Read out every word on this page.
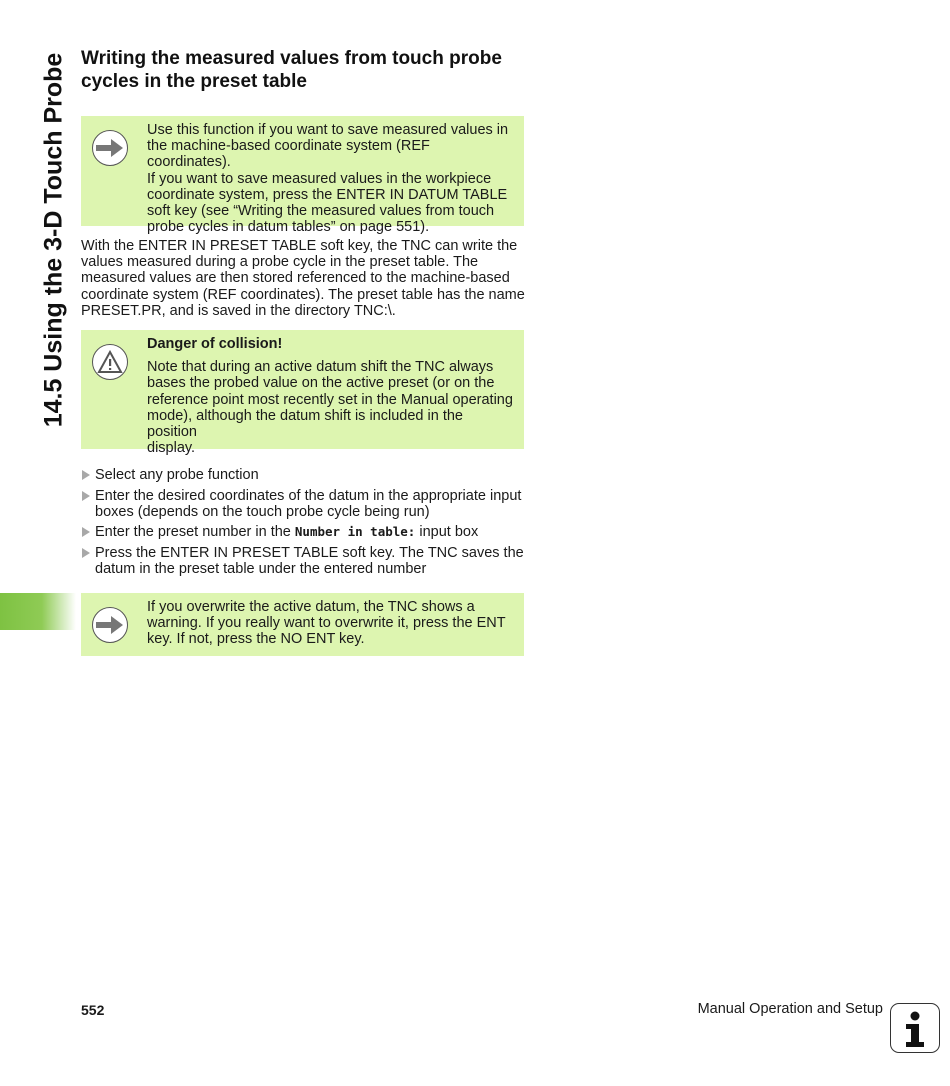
14.5 Using the 3-D Touch Probe Writing the measured values from touch probe cycles in the preset table
Use this function if you want to save measured values in
the machine-based coordinate system (REF coordinates).
If you want to save measured values in the workpiece
coordinate system, press the ENTER IN DATUM TABLE
soft key (see “Writing the measured values from touch
probe cycles in datum tables” on page 551).
With the ENTER IN PRESET TABLE soft key, the TNC can write the
values measured during a probe cycle in the preset table. The
measured values are then stored referenced to the machine-based
coordinate system (REF coordinates). The preset table has the name
PRESET.PR, and is saved in the directory TNC:\.
Danger of collision!
Note that during an active datum shift the TNC always
bases the probed value on the active preset (or on the
reference point most recently set in the Manual operating
mode), although the datum shift is included in the position
display.
Select any probe function
Enter the desired coordinates of the datum in the appropriate input
boxes (depends on the touch probe cycle being run)
Enter the preset number in the Number in table: input box
Press the ENTER IN PRESET TABLE soft key. The TNC saves the
datum in the preset table under the entered number
If you overwrite the active datum, the TNC shows a
warning. If you really want to overwrite it, press the ENT
key. If not, press the NO ENT key.
552	Manual Operation and Setup
